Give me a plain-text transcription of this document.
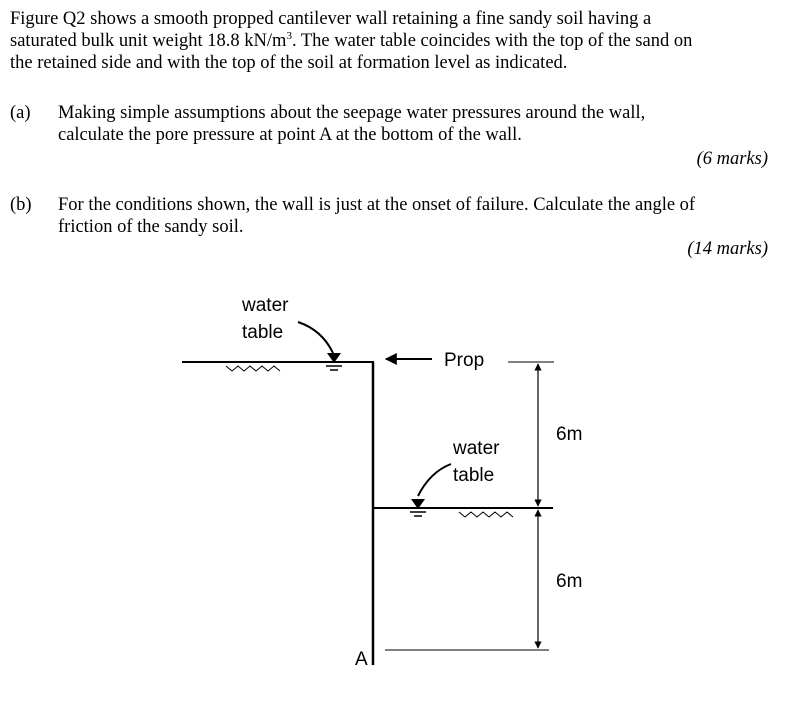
Figure Q2 shows a smooth propped cantilever wall retaining a fine sandy soil having a
saturated bulk unit weight 18.8 $kN/m^3$. The water table coincides with the top of the sand on
the retained side and with the top of the soil at formation level as indicated.
(a) Making simple assumptions about the seepage water pressures around the wall,
calculate the pore pressure at point A at the bottom of the wall.
(6 marks)
(b) For the conditions shown, the wall is just at the onset of failure. Calculate the angle of
friction of the sandy soil.
(14 marks)
Prop
water
table
water
table
6m
6m
A
